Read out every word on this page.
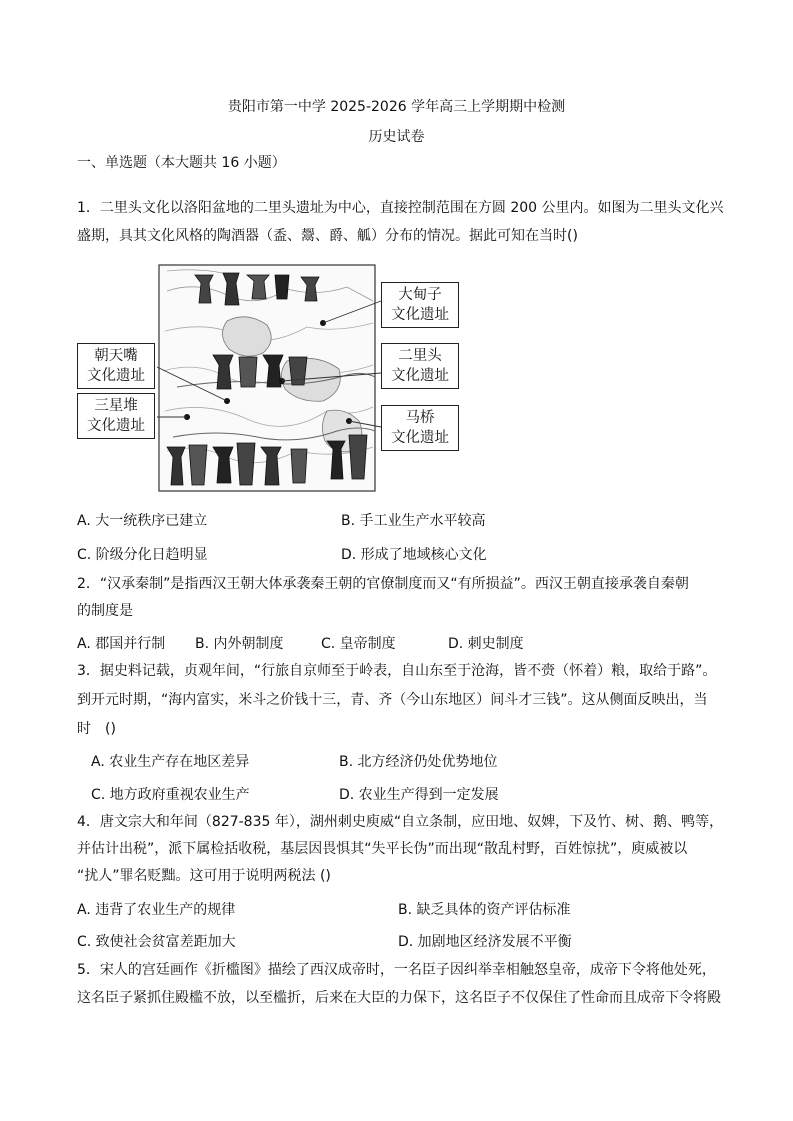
贵阳市第一中学 2025-2026 学年高三上学期期中检测
历史试卷
一、单选题（本大题共 16 小题）
1．二里头文化以洛阳盆地的二里头遗址为中心，直接控制范围在方圆 200 公里内。如图为二里头文化兴
盛期，具其文化风格的陶酒器（盉、鬶、爵、觚）分布的情况。据此可知在当时()
大甸子
文化遗址
朝天嘴
文化遗址
二里头
文化遗址
三星堆
文化遗址	马桥
文化遗址
A. 大一统秩序已建立	B. 手工业生产水平较高
C. 阶级分化日趋明显	D. 形成了地域核心文化
2．“汉承秦制”是指西汉王朝大体承袭秦王朝的官僚制度而又“有所损益”。西汉王朝直接承袭自秦朝
的制度是
A. 郡国并行制 B. 内外朝制度	C. 皇帝制度	D. 刺史制度
3．据史料记载，贞观年间，“行旅自京师至于岭表，自山东至于沧海，皆不赍（怀着）粮，取给于路”。
到开元时期，“海内富实，米斗之价钱十三，青、齐（今山东地区）间斗才三钱”。这从侧面反映出，当
时　()
A. 农业生产存在地区差异	B. 北方经济仍处优势地位
C. 地方政府重视农业生产	D. 农业生产得到一定发展
4．唐文宗大和年间（827-835 年），湖州刺史庾威“自立条制，应田地、奴婢，下及竹、树、鹅、鸭等，
并估计出税”，派下属检括收税，基层因畏惧其“失平长伪”而出现“散乱村野，百姓惊扰”，庾威被以
“扰人”罪名贬黜。这可用于说明两税法 ()
A. 违背了农业生产的规律	B. 缺乏具体的资产评估标准
C. 致使社会贫富差距加大	D. 加剧地区经济发展不平衡
5．宋人的宫廷画作《折槛图》描绘了西汉成帝时，一名臣子因纠举幸相触怒皇帝，成帝下令将他处死，
这名臣子紧抓住殿槛不放，以至槛折，后来在大臣的力保下，这名臣子不仅保住了性命而且成帝下令将殿
